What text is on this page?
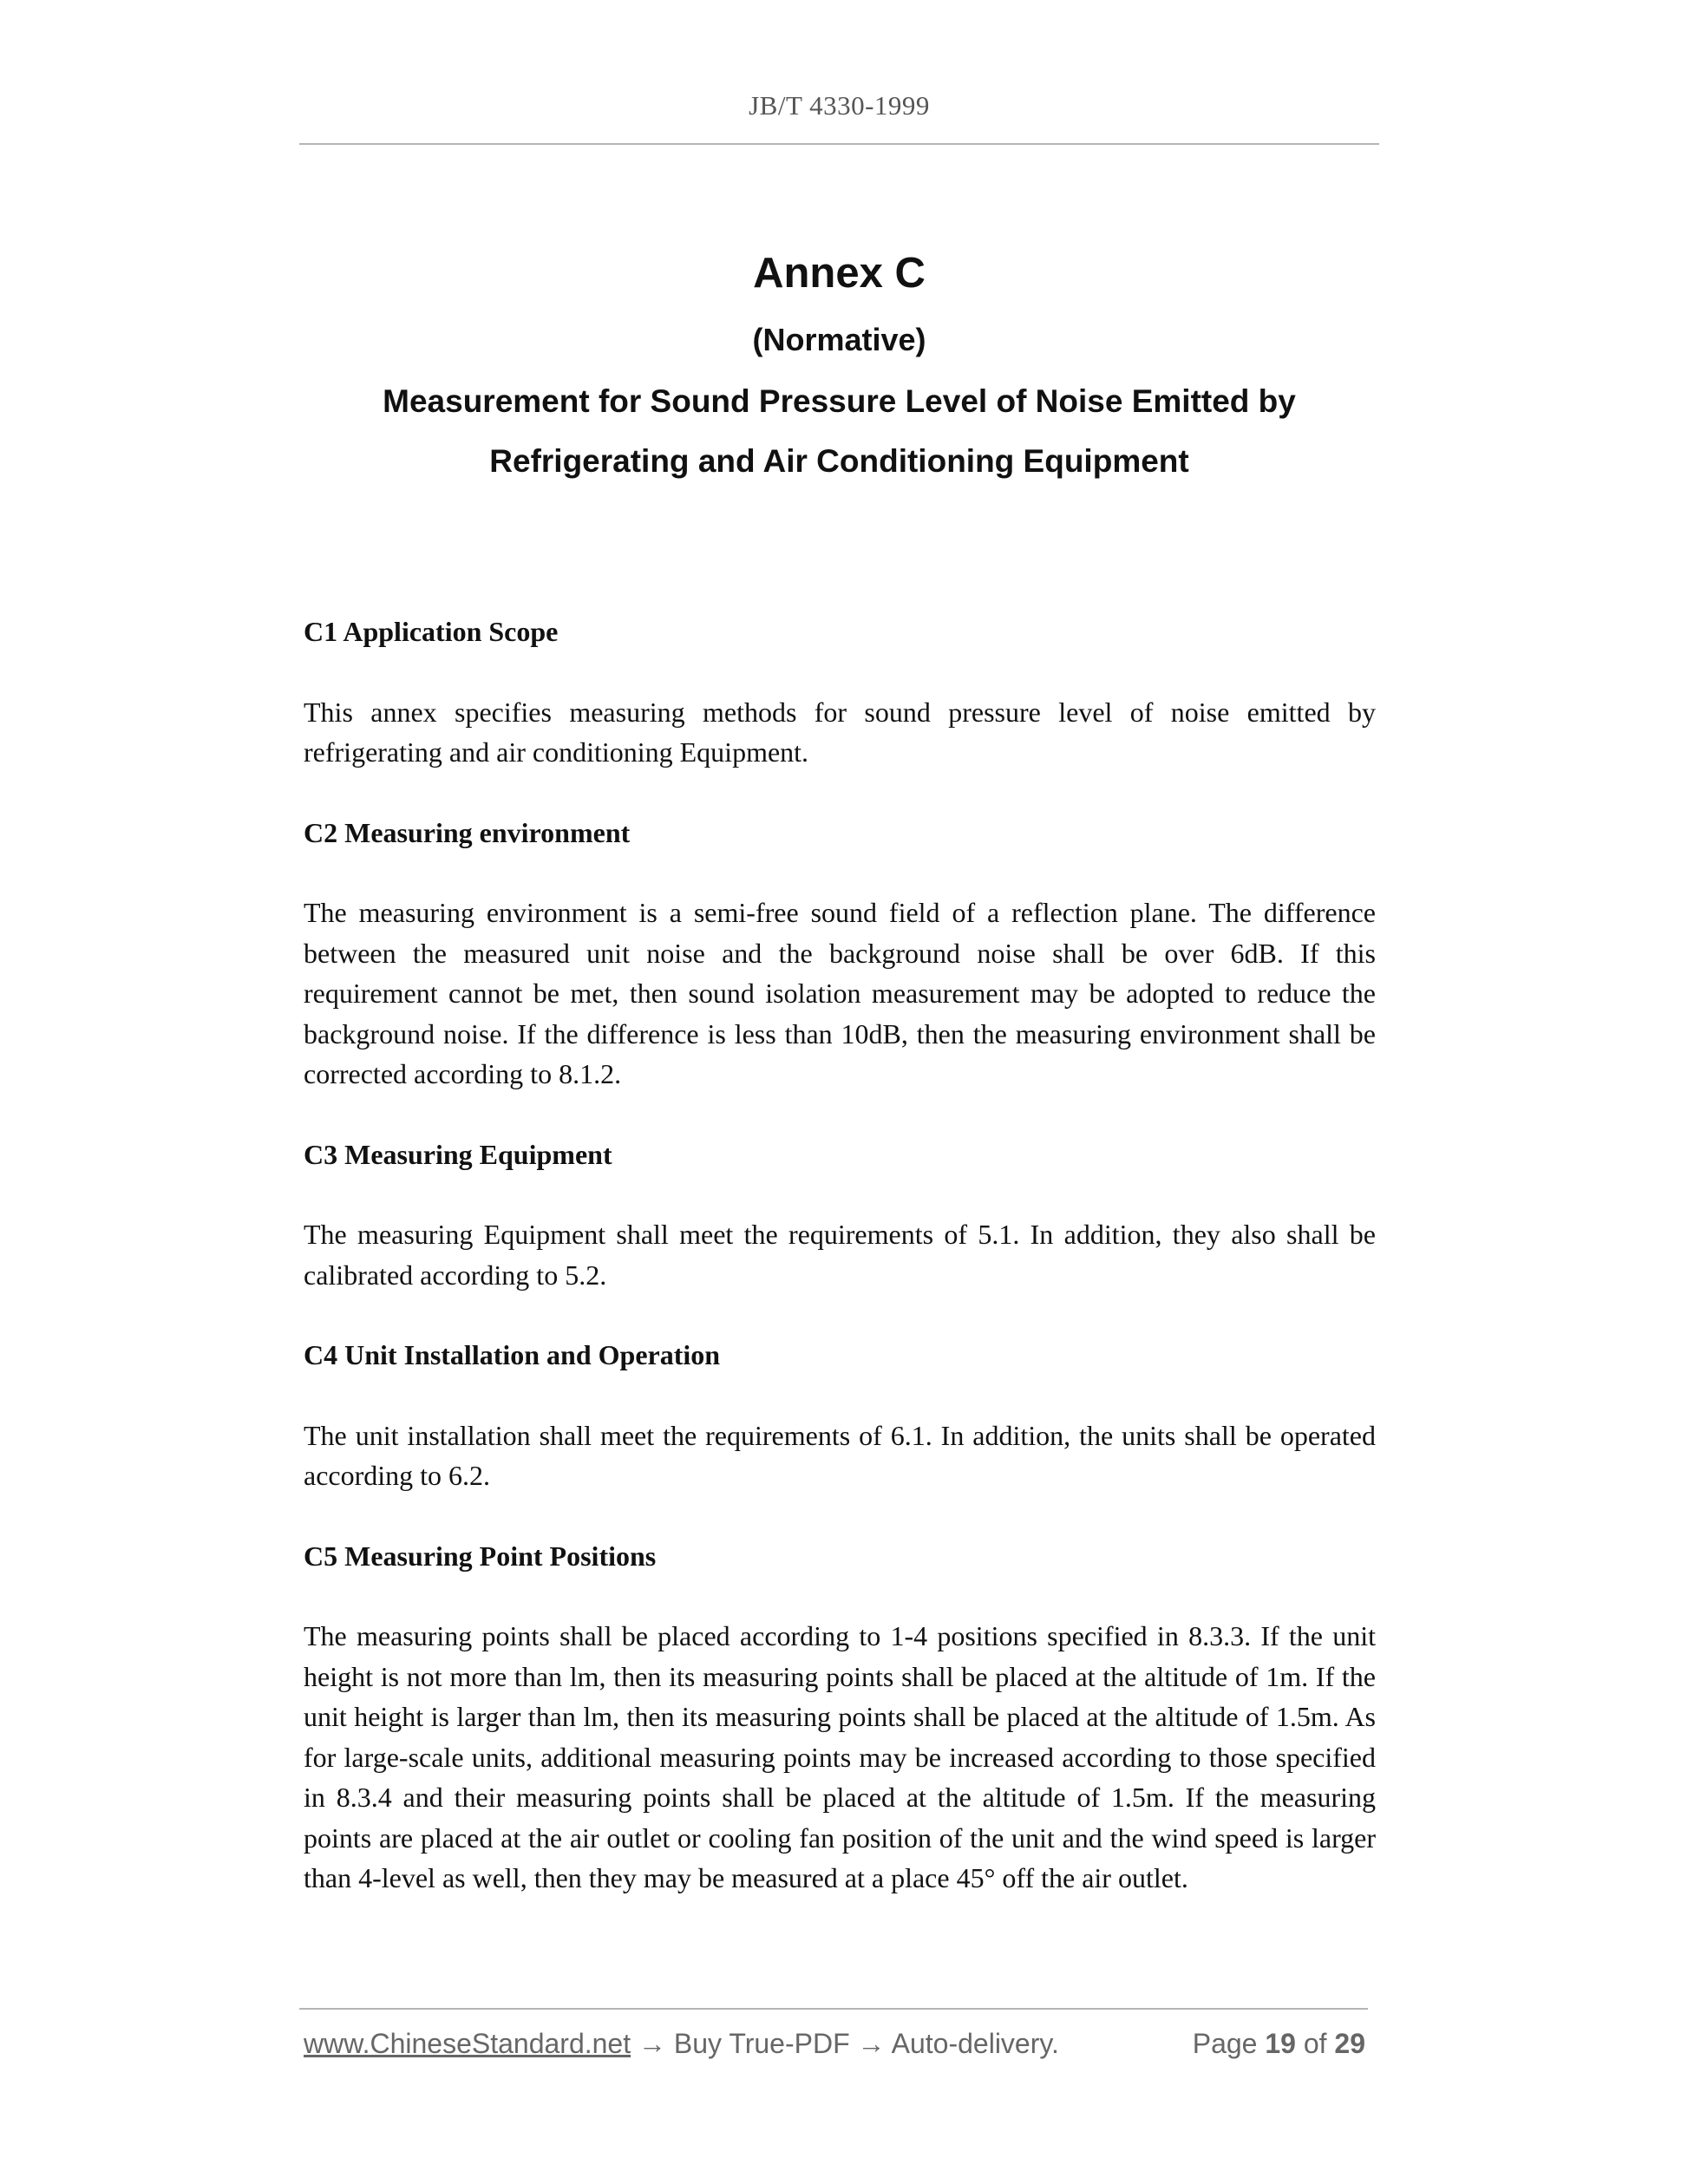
JB/T 4330-1999
Annex C
(Normative)
Measurement for Sound Pressure Level of Noise Emitted by
Refrigerating and Air Conditioning Equipment

C1 Application Scope

This annex specifies measuring methods for sound pressure level of noise emitted by refrigerating and air conditioning Equipment.

C2 Measuring environment

The measuring environment is a semi-free sound field of a reflection plane. The difference between the measured unit noise and the background noise shall be over 6dB. If this requirement cannot be met, then sound isolation measurement may be adopted to reduce the background noise. If the difference is less than 10dB, then the measuring environment shall be corrected according to 8.1.2.

C3 Measuring Equipment

The measuring Equipment shall meet the requirements of 5.1. In addition, they also shall be calibrated according to 5.2.

C4 Unit Installation and Operation

The unit installation shall meet the requirements of 6.1. In addition, the units shall be operated according to 6.2.

C5 Measuring Point Positions

The measuring points shall be placed according to 1-4 positions specified in 8.3.3. If the unit height is not more than lm, then its measuring points shall be placed at the altitude of 1m. If the unit height is larger than lm, then its measuring points shall be placed at the altitude of 1.5m. As for large-scale units, additional measuring points may be increased according to those specified in 8.3.4 and their measuring points shall be placed at the altitude of 1.5m. If the measuring points are placed at the air outlet or cooling fan position of the unit and the wind speed is larger than 4-level as well, then they may be measured at a place 45° off the air outlet.

www.ChineseStandard.net → Buy True-PDF → Auto-delivery.	Page 19 of 29
